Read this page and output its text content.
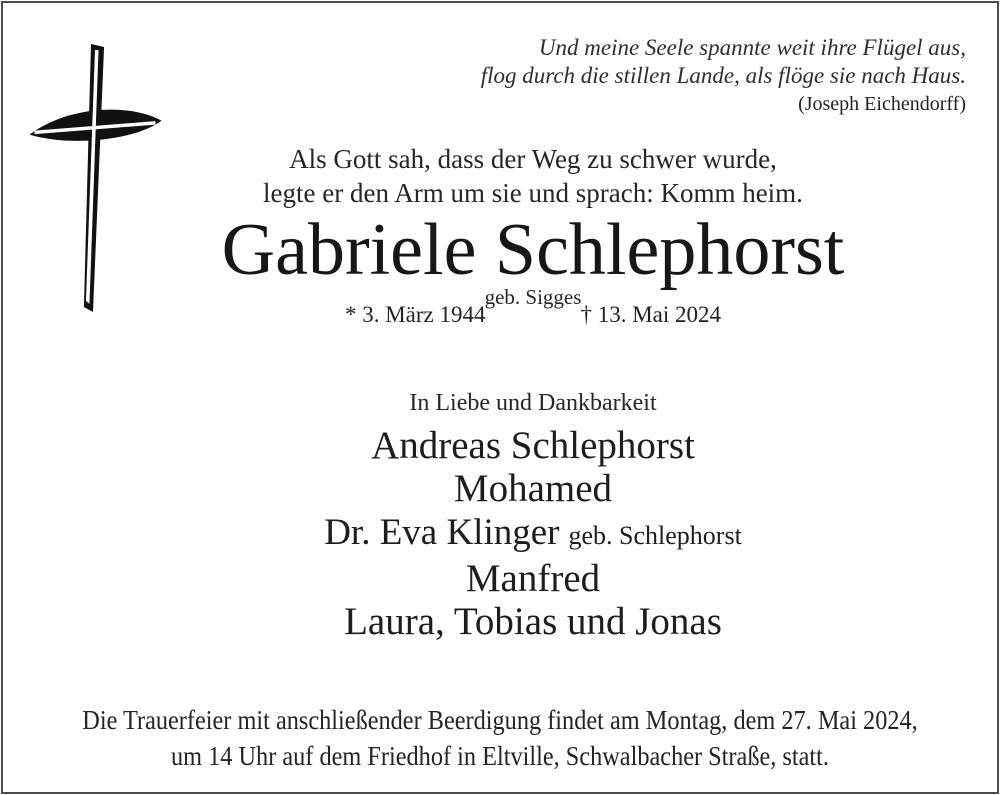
Und meine Seele spannte weit ihre Flügel aus,
flog durch die stillen Lande, als flöge sie nach Haus.
(Joseph Eichendorff)
Als Gott sah, dass der Weg zu schwer wurde,
legte er den Arm um sie und sprach: Komm heim.
Gabriele Schlephorst
geb. Sigges
* 3. März 1944	† 13. Mai 2024
In Liebe und Dankbarkeit
Andreas Schlephorst
Mohamed
Dr. Eva Klinger geb. Schlephorst
Manfred
Laura, Tobias und Jonas
Die Trauerfeier mit anschließender Beerdigung findet am Montag, dem 27. Mai 2024,
um 14 Uhr auf dem Friedhof in Eltville, Schwalbacher Straße, statt.
